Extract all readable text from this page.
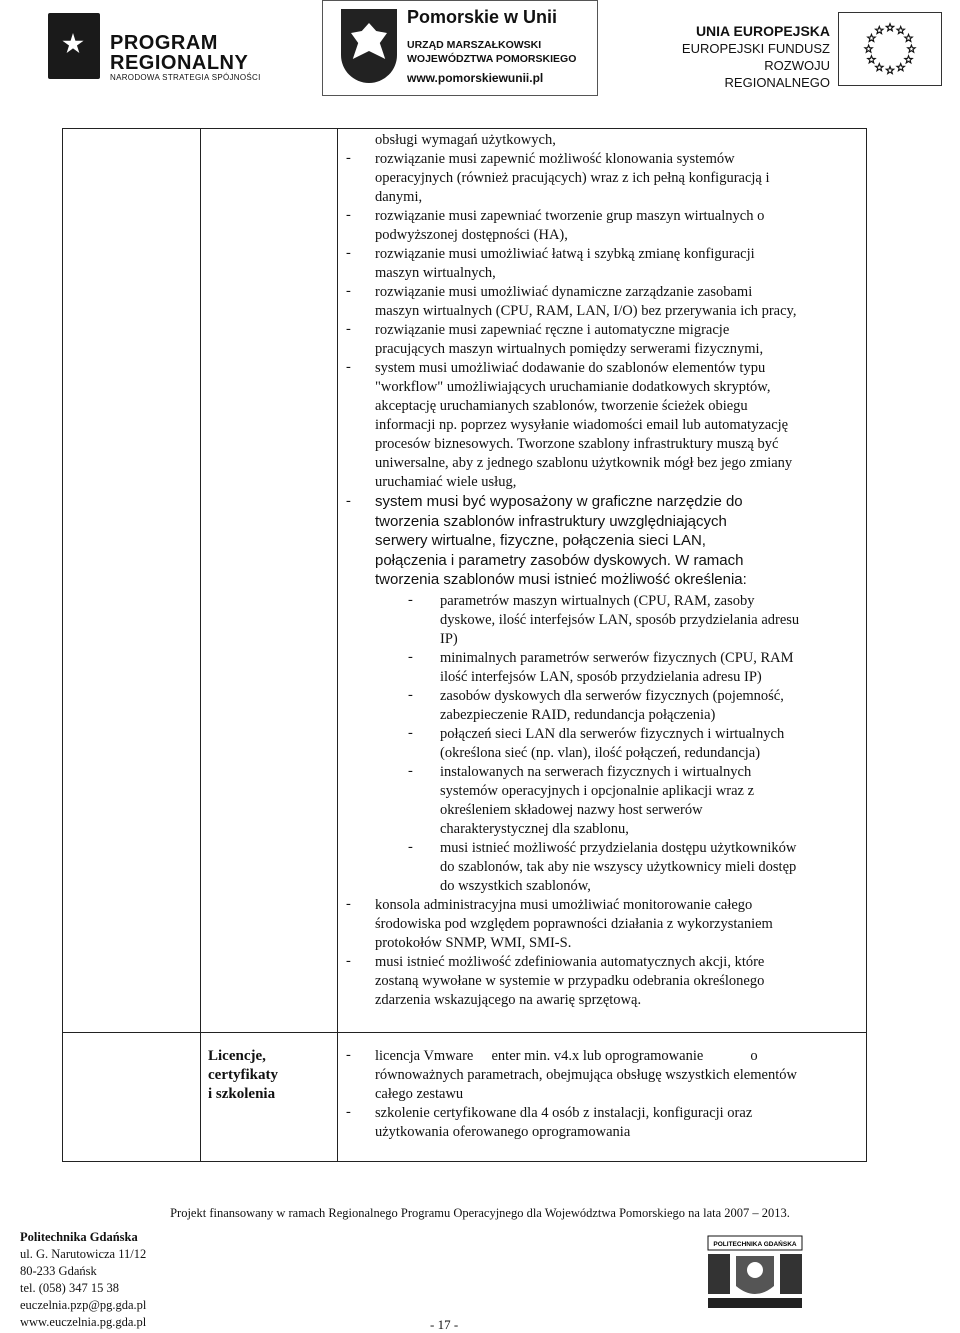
PROGRAM
REGIONALNY
NARODOWA STRATEGIA SPÓJNOŚCI
Pomorskie w Unii
URZĄD MARSZAŁKOWSKI
WOJEWÓDZTWA POMORSKIEGO
www.pomorskiewunii.pl
UNIA EUROPEJSKA
EUROPEJSKI FUNDUSZ
ROZWOJU REGIONALNEGO
obsługi wymagań użytkowych,
- rozwiązanie musi zapewnić możliwość klonowania systemów
operacyjnych (również pracujących) wraz z ich pełną konfiguracją i
danymi,
- rozwiązanie musi zapewniać tworzenie grup maszyn wirtualnych o
podwyższonej dostępności (HA),
- rozwiązanie musi umożliwiać łatwą i szybką zmianę konfiguracji
maszyn wirtualnych,
- rozwiązanie musi umożliwiać dynamiczne zarządzanie zasobami
maszyn wirtualnych (CPU, RAM, LAN, I/O) bez przerywania ich pracy,
- rozwiązanie musi zapewniać ręczne i automatyczne migracje
pracujących maszyn wirtualnych pomiędzy serwerami fizycznymi,
- system musi umożliwiać dodawanie do szablonów elementów typu
"workflow" umożliwiających uruchamianie dodatkowych skryptów,
akceptację uruchamianych szablonów, tworzenie ścieżek obiegu
informacji np. poprzez wysyłanie wiadomości email lub automatyzację
procesów biznesowych. Tworzone szablony infrastruktury muszą być
uniwersalne, aby z jednego szablonu użytkownik mógł bez jego zmiany
uruchamiać wiele usług,
- system musi być wyposażony w graficzne narzędzie do
tworzenia szablonów infrastruktury uwzględniających
serwery wirtualne, fizyczne, połączenia sieci LAN,
połączenia i parametry zasobów dyskowych. W ramach
tworzenia szablonów musi istnieć możliwość określenia:
- parametrów maszyn wirtualnych (CPU, RAM, zasoby
dyskowe, ilość interfejsów LAN, sposób przydzielania adresu
IP)
- minimalnych parametrów serwerów fizycznych (CPU, RAM
ilość interfejsów LAN, sposób przydzielania adresu IP)
- zasobów dyskowych dla serwerów fizycznych (pojemność,
zabezpieczenie RAID, redundancja połączenia)
- połączeń sieci LAN dla serwerów fizycznych i wirtualnych
(określona sieć (np. vlan), ilość połączeń, redundancja)
- instalowanych na serwerach fizycznych i wirtualnych
systemów operacyjnych i opcjonalnie aplikacji wraz z
określeniem składowej nazwy host serwerów
charakterystycznej dla szablonu,
- musi istnieć możliwość przydzielania dostępu użytkowników
do szablonów, tak aby nie wszyscy użytkownicy mieli dostęp
do wszystkich szablonów,
- konsola administracyjna musi umożliwiać monitorowanie całego
środowiska pod względem poprawności działania z wykorzystaniem
protokołów SNMP, WMI, SMI-S.
- musi istnieć możliwość zdefiniowania automatycznych akcji, które
zostaną wywołane w systemie w przypadku odebrania określonego
zdarzenia wskazującego na awarię sprzętową.
Licencje,
certyfikaty
i szkolenia
- licencja Vmware     enter min. v4.x lub oprogramowanie             o
równoważnych parametrach, obejmująca obsługę wszystkich elementów
całego zestawu
- szkolenie certyfikowane dla 4 osób z instalacji, konfiguracji oraz
użytkowania oferowanego oprogramowania
Projekt finansowany w ramach Regionalnego Programu Operacyjnego dla Województwa Pomorskiego na lata 2007 – 2013.
Politechnika Gdańska
ul. G. Narutowicza 11/12
80-233 Gdańsk
tel. (058) 347 15 38
euczelnia.pzp@pg.gda.pl
www.euczelnia.pg.gda.pl
POLITECHNIKA GDAŃSKA
- 17 -
